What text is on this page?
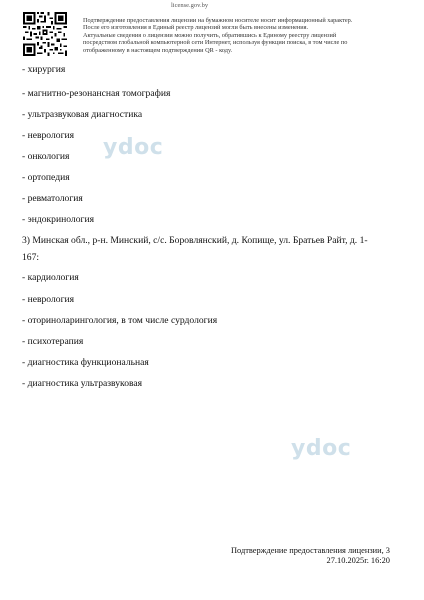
license.gov.by
Подтверждение предоставления лицензии на бумажном носителе носит информационный характер.
После его изготовления в Единый реестр лицензий могли быть внесены изменения.
Актуальные сведения о лицензии можно получить, обратившись к Единому реестру лицензий
посредством глобальной компьютерной сети Интернет, используя функции поиска, в том числе по
отображенному в настоящем подтверждении QR - коду.
- хирургия
- магнитно-резонансная томография
- ультразвуковая диагностика
- неврология
- онкология
- ортопедия
- ревматология
- эндокринология
3) Минская обл., р-н. Минский, с/с. Боровлянский, д. Копище, ул. Братьев Райт, д. 1-167:
- кардиология
- неврология
- оториноларингология, в том числе сурдология
- психотерапия
- диагностика функциональная
- диагностика ультразвуковая
ydoc
ydoc
Подтверждение предоставления лицензии, 3
27.10.2025г. 16:20
